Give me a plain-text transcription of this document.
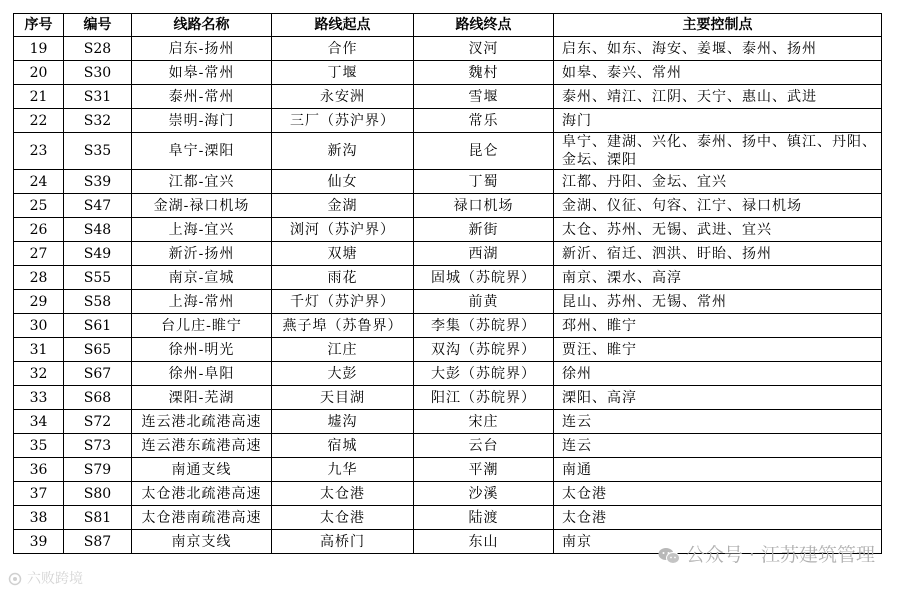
序号	编号	线路名称	路线起点	路线终点	主要控制点
19	S28	启东-扬州	合作	汊河	启东、如东、海安、姜堰、泰州、扬州
20	S30	如皋-常州	丁堰	魏村	如皋、泰兴、常州
21	S31	泰州-常州	永安洲	雪堰	泰州、靖江、江阴、天宁、惠山、武进
22	S32	崇明-海门	三厂（苏沪界）	常乐	海门
23	S35	阜宁-溧阳	新沟	昆仑	阜宁、建湖、兴化、泰州、扬中、镇江、丹阳、金坛、溧阳
24	S39	江都-宜兴	仙女	丁蜀	江都、丹阳、金坛、宜兴
25	S47	金湖-禄口机场	金湖	禄口机场	金湖、仪征、句容、江宁、禄口机场
26	S48	上海-宜兴	浏河（苏沪界）	新街	太仓、苏州、无锡、武进、宜兴
27	S49	新沂-扬州	双塘	西湖	新沂、宿迁、泗洪、盱眙、扬州
28	S55	南京-宣城	雨花	固城（苏皖界）	南京、溧水、高淳
29	S58	上海-常州	千灯（苏沪界）	前黄	昆山、苏州、无锡、常州
30	S61	台儿庄-睢宁	燕子埠（苏鲁界）	李集（苏皖界）	邳州、睢宁
31	S65	徐州-明光	江庄	双沟（苏皖界）	贾汪、睢宁
32	S67	徐州-阜阳	大彭	大彭（苏皖界）	徐州
33	S68	溧阳-芜湖	天目湖	阳江（苏皖界）	溧阳、高淳
34	S72	连云港北疏港高速	墟沟	宋庄	连云
35	S73	连云港东疏港高速	宿城	云台	连云
36	S79	南通支线	九华	平潮	南通
37	S80	太仓港北疏港高速	太仓港	沙溪	太仓港
38	S81	太仓港南疏港高速	太仓港	陆渡	太仓港
39	S87	南京支线	高桥门	东山	南京
公众号 · 江苏建筑管理
六败跨境
